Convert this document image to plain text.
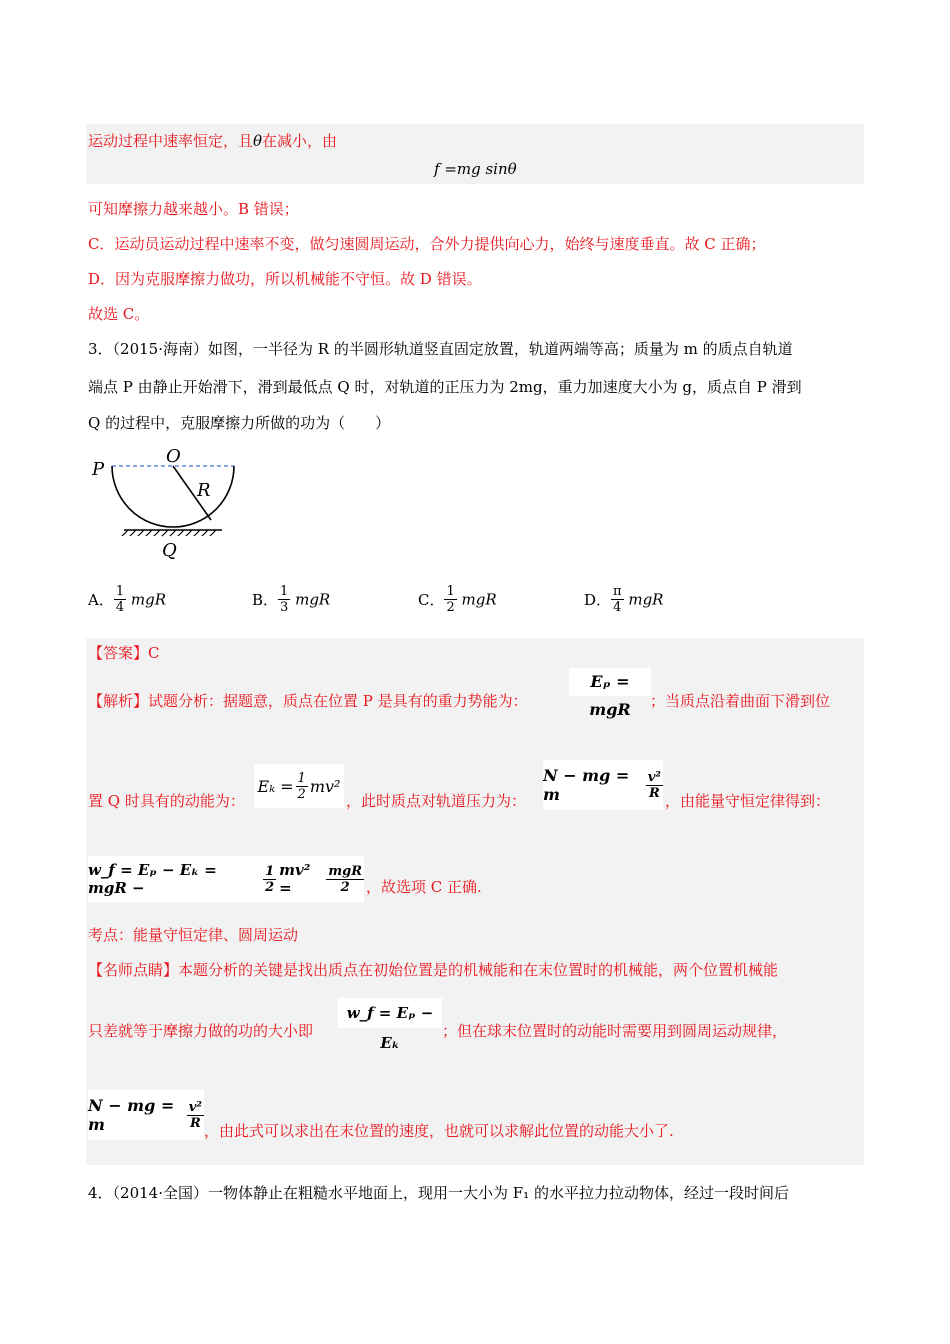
运动过程中速率恒定，且θ在减小，由
f =mg sinθ
可知摩擦力越来越小。B 错误；
C．运动员运动过程中速率不变，做匀速圆周运动，合外力提供向心力，始终与速度垂直。故 C 正确；
D．因为克服摩擦力做功，所以机械能不守恒。故 D 错误。
故选 C。
3．（2015·海南）如图，一半径为 R 的半圆形轨道竖直固定放置，轨道两端等高；质量为 m 的质点自轨道
端点 P 由静止开始滑下，滑到最低点 Q 时，对轨道的正压力为 2mg，重力加速度大小为 g，质点自 P 滑到
Q 的过程中，克服摩擦力所做的功为（　　）
P
O
R
Q
A． $\frac{1}{4}$ mgR	B． $\frac{1}{3}$ mgR	C． $\frac{1}{2}$ mgR	D． $\frac{\pi}{4}$ mgR
【答案】C
【解析】试题分析：据题意，质点在位置 P 是具有的重力势能为：
Eₚ = mgR	；当质点沿着曲面下滑到位
置 Q 时具有的动能为：
$E_k = \frac{1}{2} mv^2$
，此时质点对轨道压力为：
N − mg = m	$\frac{\text{v²}}{R}$
，由能量守恒定律得到：
w_f = Eₚ − Eₖ = mgR −	$\frac{1}{2} mv^2$ =	$\frac{\text{mgR}}{2}$ ，故选项 C 正确.
考点：能量守恒定律、圆周运动
【名师点睛】本题分析的关键是找出质点在初始位置是的机械能和在末位置时的机械能，两个位置机械能
只差就等于摩擦力做的功的大小即
w_f = Eₚ − Eₖ
；但在球末位置时的动能时需要用到圆周运动规律，
N − mg = m	$\frac{\text{v²}}{R}$
，由此式可以求出在末位置的速度，也就可以求解此位置的动能大小了.
4．（2014·全国）一物体静止在粗糙水平地面上，现用一大小为 F₁ 的水平拉力拉动物体，经过一段时间后
